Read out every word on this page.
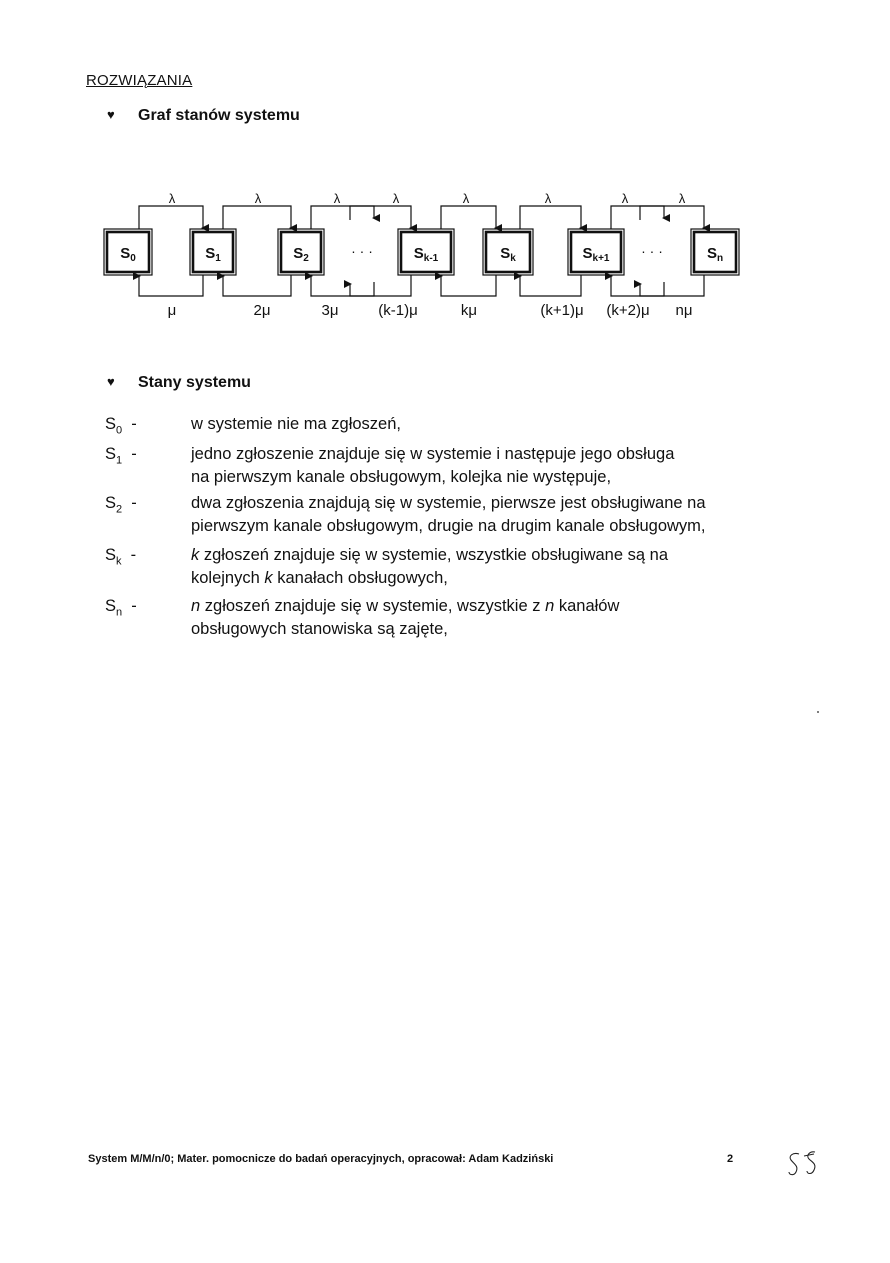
ROZWIĄZANIA
♥ Graf stanów systemu
$S_0$	$S_1$	$S_2$	$S_{k-1}$	$S_k$	$S_{k+1}$	$S_n$
· · ·	· · ·
λ	λ	λ	λ	λ	λ	λ	λ
μ	2μ	3μ	(k-1)μ	kμ	(k+1)μ (k+2)μ nμ
♥ Stany systemu
$S_0$  -	w systemie nie ma zgłoszeń,
$S_1$  -	jedno zgłoszenie znajduje się w systemie i następuje jego obsługa
na pierwszym kanale obsługowym, kolejka nie występuje,
$S_2$  -	dwa zgłoszenia znajdują się w systemie, pierwsze jest obsługiwane na
pierwszym kanale obsługowym, drugie na drugim kanale obsługowym,
$S_k$  -	k zgłoszeń znajduje się w systemie, wszystkie obsługiwane są na
kolejnych k kanałach obsługowych,
$S_n$  -	n zgłoszeń znajduje się w systemie, wszystkie z n kanałów
obsługowych stanowiska są zajęte,
System M/M/n/0; Mater. pomocnicze do badań operacyjnych, opracował: Adam Kadziński	2
